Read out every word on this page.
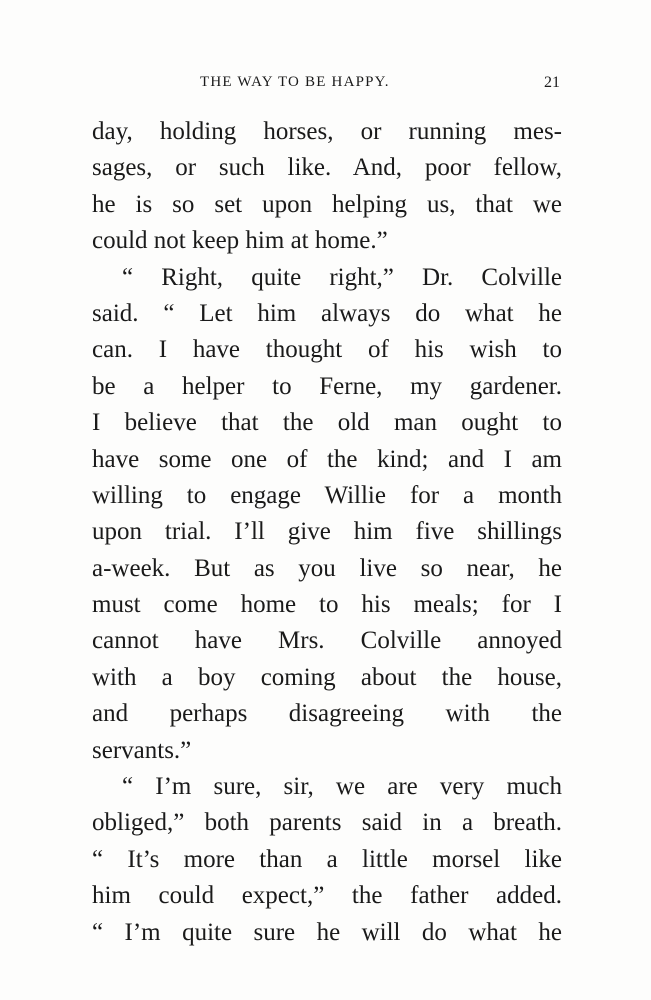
THE WAY TO BE HAPPY.	21
day, holding horses, or running mes-
sages, or such like. And, poor fellow,
he is so set upon helping us, that we
could not keep him at home.”
“ Right, quite right,” Dr. Colville
said. “ Let him always do what he
can. I have thought of his wish to
be a helper to Ferne, my gardener.
I believe that the old man ought to
have some one of the kind; and I am
willing to engage Willie for a month
upon trial. I’ll give him five shillings
a-week. But as you live so near, he
must come home to his meals; for I
cannot have Mrs. Colville annoyed
with a boy coming about the house,
and perhaps disagreeing with the
servants.”
“ I’m sure, sir, we are very much
obliged,” both parents said in a breath.
“ It’s more than a little morsel like
him could expect,” the father added.
“ I’m quite sure he will do what he
